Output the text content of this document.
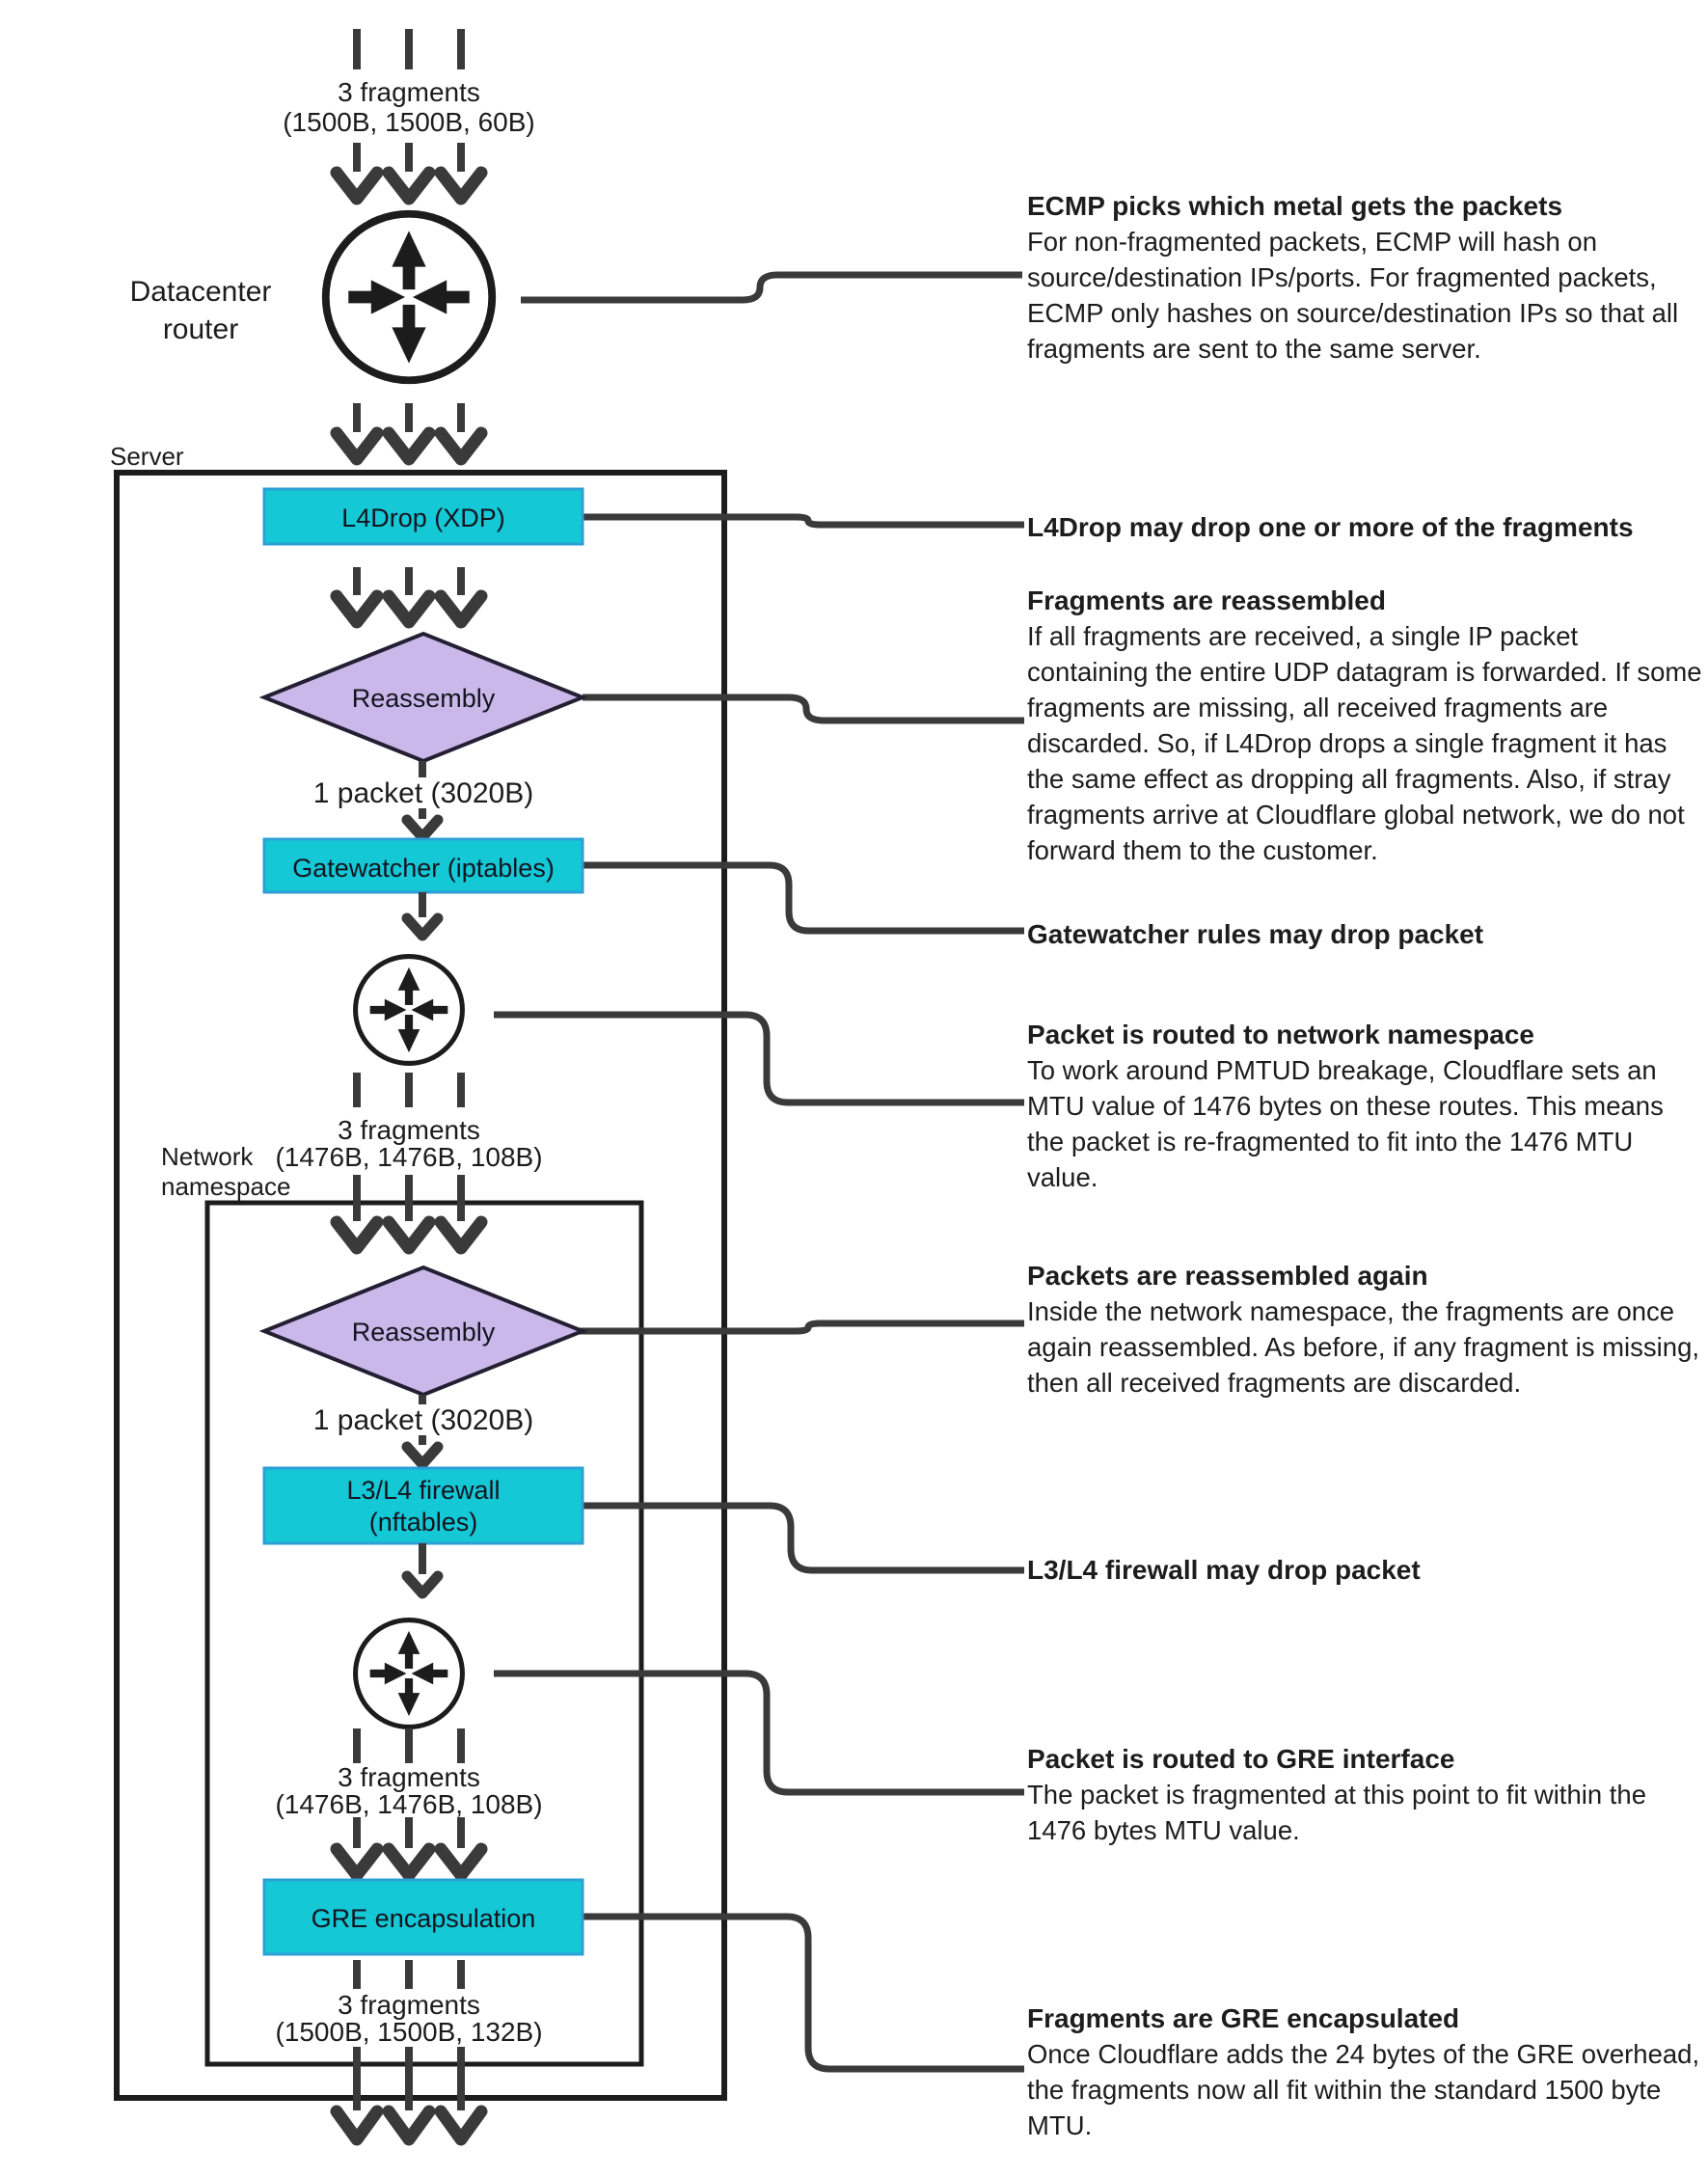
3 fragments
(1500B, 1500B, 60B)
Datacenter router
Server
L4Drop (XDP)
Reassembly
1 packet (3020B)
Gatewatcher (iptables)
3 fragments
(1476B, 1476B, 108B)
Network namespace
Reassembly
1 packet (3020B)
L3/L4 firewall
(nftables)
3 fragments
(1476B, 1476B, 108B)
GRE encapsulation
3 fragments
(1500B, 1500B, 132B)
ECMP picks which metal gets the packets
For non-fragmented packets, ECMP will hash on source/destination IPs/ports. For fragmented packets, ECMP only hashes on source/destination IPs so that all fragments are sent to the same server.
L4Drop may drop one or more of the fragments
Fragments are reassembled
If all fragments are received, a single IP packet containing the entire UDP datagram is forwarded. If some fragments are missing, all received fragments are discarded. So, if L4Drop drops a single fragment it has the same effect as dropping all fragments. Also, if stray fragments arrive at Cloudflare global network, we do not forward them to the customer.
Gatewatcher rules may drop packet
Packet is routed to network namespace
To work around PMTUD breakage, Cloudflare sets an MTU value of 1476 bytes on these routes. This means the packet is re-fragmented to fit into the 1476 MTU value.
Packets are reassembled again
Inside the network namespace, the fragments are once again reassembled. As before, if any fragment is missing, then all received fragments are discarded.
L3/L4 firewall may drop packet
Packet is routed to GRE interface
The packet is fragmented at this point to fit within the 1476 bytes MTU value.
Fragments are GRE encapsulated
Once Cloudflare adds the 24 bytes of the GRE overhead, the fragments now all fit within the standard 1500 byte MTU.
